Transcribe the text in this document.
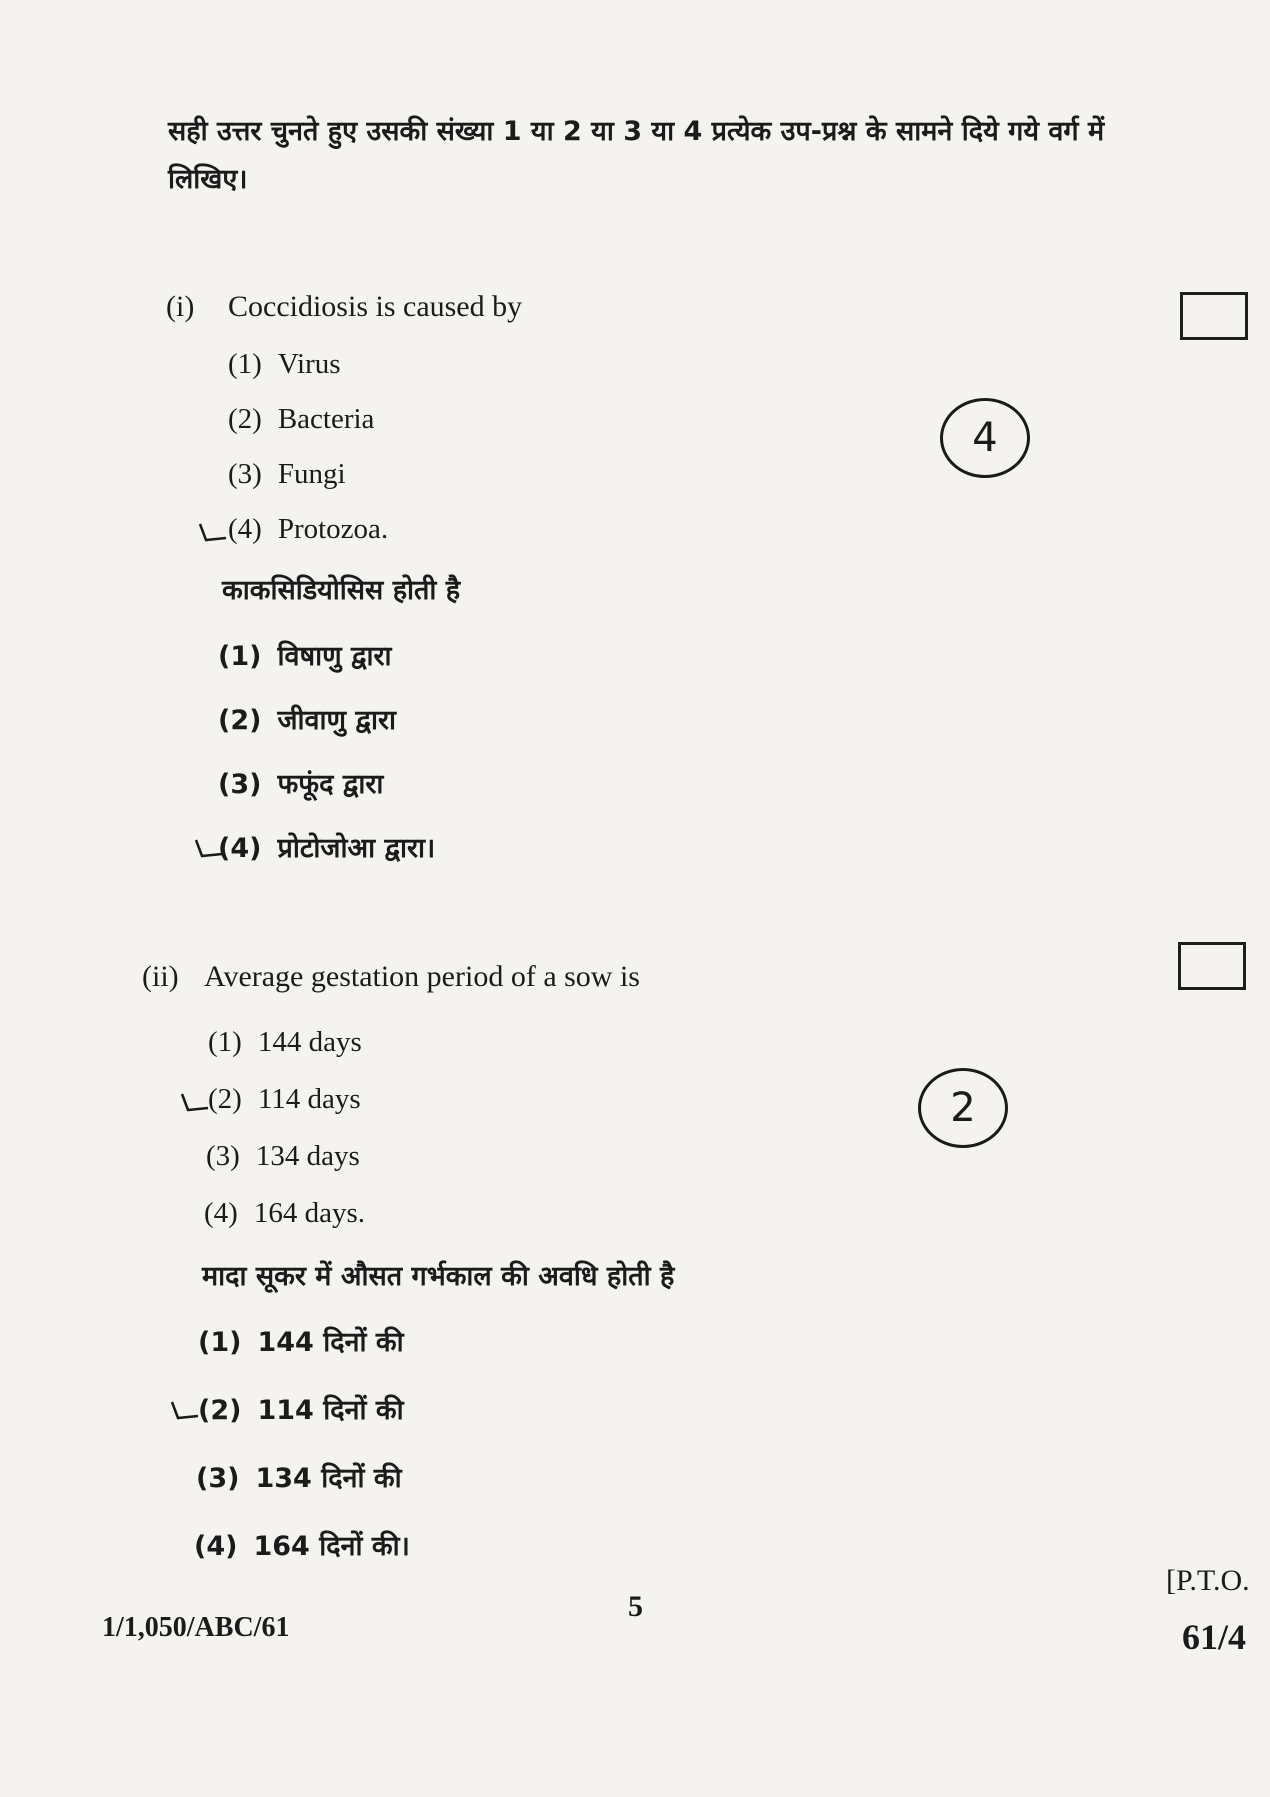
सही उत्तर चुनते हुए उसकी संख्या 1 या 2 या 3 या 4 प्रत्येक उप-प्रश्न के सामने दिये गये वर्ग में
लिखिए।
(i) Coccidiosis is caused by
(1) Virus
(2) Bacteria
(3) Fungi
(4) Protozoa.
काकसिडियोसिस होती है
(1) विषाणु द्वारा
(2) जीवाणु द्वारा
(3) फफूंद द्वारा
(4) प्रोटोजोआ द्वारा।
4
(ii) Average gestation period of a sow is
(1) 144 days
(2) 114 days
(3) 134 days
(4) 164 days.
मादा सूकर में औसत गर्भकाल की अवधि होती है
(1) 144 दिनों की
(2) 114 दिनों की
(3) 134 दिनों की
(4) 164 दिनों की।
2
[P.T.O.
1/1,050/ABC/61
5
61/4
